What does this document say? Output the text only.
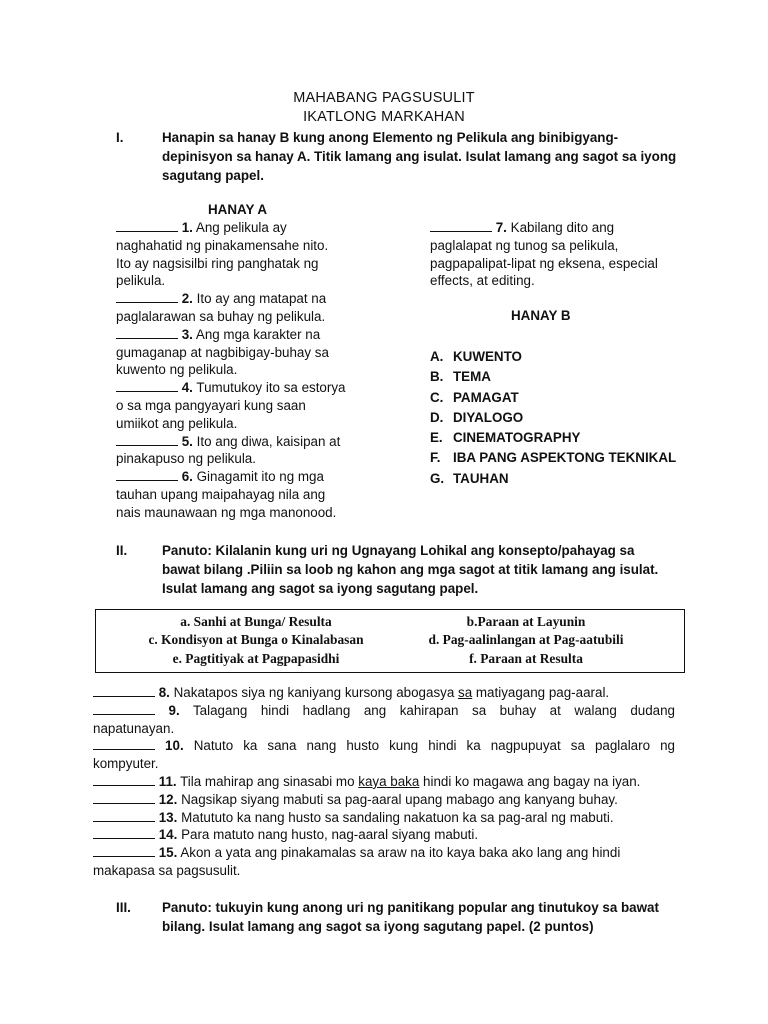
MAHABANG PAGSUSULIT
IKATLONG MARKAHAN
I.	Hanapin sa hanay B kung anong Elemento ng Pelikula ang binibigyang-
depinisyon sa hanay A. Titik lamang ang isulat. Isulat lamang ang sagot sa iyong
sagutang papel.
HANAY A
1. Ang pelikula ay
naghahatid ng pinakamensahe nito.
Ito ay nagsisilbi ring panghatak ng
pelikula.
2. Ito ay ang matapat na
paglalarawan sa buhay ng pelikula.
3. Ang mga karakter na
gumaganap at nagbibigay-buhay sa
kuwento ng pelikula.
4. Tumutukoy ito sa estorya
o sa mga pangyayari kung saan
umiikot ang pelikula.
5. Ito ang diwa, kaisipan at
pinakapuso ng pelikula.
6. Ginagamit ito ng mga
tauhan upang maipahayag nila ang
nais maunawaan ng mga manonood.
7. Kabilang dito ang
paglalapat ng tunog sa pelikula,
pagpapalipat-lipat ng eksena, especial
effects, at editing.
HANAY B
A. KUWENTO
B. TEMA
C. PAMAGAT
D. DIYALOGO
E. CINEMATOGRAPHY
F. IBA PANG ASPEKTONG TEKNIKAL
G. TAUHAN
II.	Panuto: Kilalanin kung uri ng Ugnayang Lohikal ang konsepto/pahayag sa
bawat bilang .Piliin sa loob ng kahon ang mga sagot at titik lamang ang isulat.
Isulat lamang ang sagot sa iyong sagutang papel.
a. Sanhi at Bunga/ Resulta	b.Paraan at Layunin
c. Kondisyon at Bunga o Kinalabasan	d. Pag-aalinlangan at Pag-aatubili
e. Pagtitiyak at Pagpapasidhi	f. Paraan at Resulta
8. Nakatapos siya ng kaniyang kursong abogasya sa matiyagang pag-aaral.
9. Talagang hindi hadlang ang kahirapan sa buhay at walang dudang
napatunayan.
10. Natuto ka sana nang husto kung hindi ka nagpupuyat sa paglalaro ng
kompyuter.
11. Tila mahirap ang sinasabi mo kaya baka hindi ko magawa ang bagay na iyan.
12. Nagsikap siyang mabuti sa pag-aaral upang mabago ang kanyang buhay.
13. Matututo ka nang husto sa sandaling nakatuon ka sa pag-aral ng mabuti.
14. Para matuto nang husto, nag-aaral siyang mabuti.
15. Akon a yata ang pinakamalas sa araw na ito kaya baka ako lang ang hindi
makapasa sa pagsusulit.
III. Panuto: tukuyin kung anong uri ng panitikang popular ang tinutukoy sa bawat
bilang. Isulat lamang ang sagot sa iyong sagutang papel. (2 puntos)
